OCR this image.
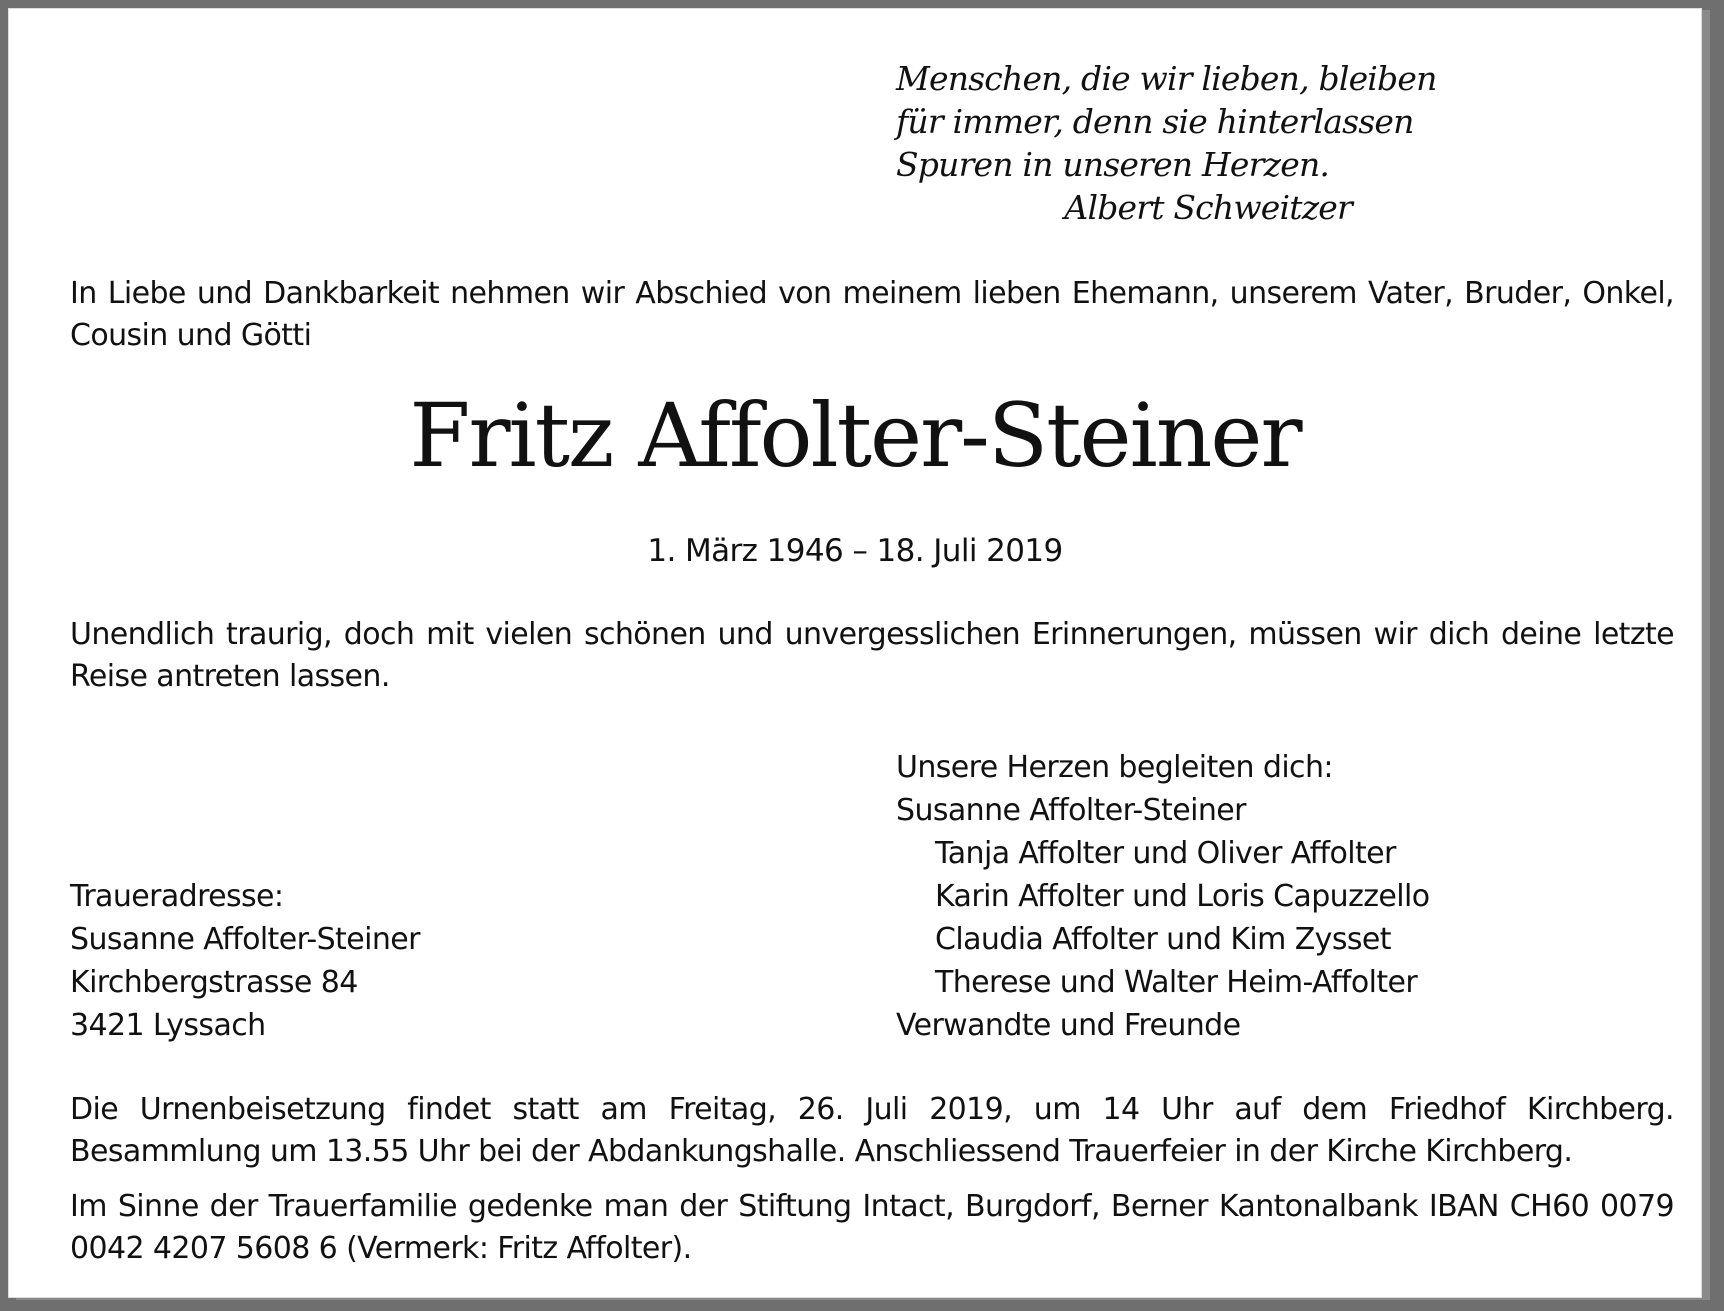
Menschen, die wir lieben, bleiben
für immer, denn sie hinterlassen
Spuren in unseren Herzen.
Albert Schweitzer
In Liebe und Dankbarkeit nehmen wir Abschied von meinem lieben Ehemann, unserem Vater, Bruder, Onkel, Cousin und Götti
Fritz Affolter-Steiner
1. März 1946 – 18. Juli 2019
Unendlich traurig, doch mit vielen schönen und unvergesslichen Erinnerungen, müssen wir dich deine letzte Reise antreten lassen.
Unsere Herzen begleiten dich:
Susanne Affolter-Steiner
Tanja Affolter und Oliver Affolter
Karin Affolter und Loris Capuzzello
Claudia Affolter und Kim Zysset
Therese und Walter Heim-Affolter
Verwandte und Freunde
Traueradresse:
Susanne Affolter-Steiner
Kirchbergstrasse 84
3421 Lyssach
Die Urnenbeisetzung findet statt am Freitag, 26. Juli 2019, um 14 Uhr auf dem Friedhof Kirchberg. Besammlung um 13.55 Uhr bei der Abdankungshalle. Anschliessend Trauerfeier in der Kirche Kirchberg.
Im Sinne der Trauerfamilie gedenke man der Stiftung Intact, Burgdorf, Berner Kantonalbank IBAN CH60 0079 0042 4207 5608 6 (Vermerk: Fritz Affolter).
